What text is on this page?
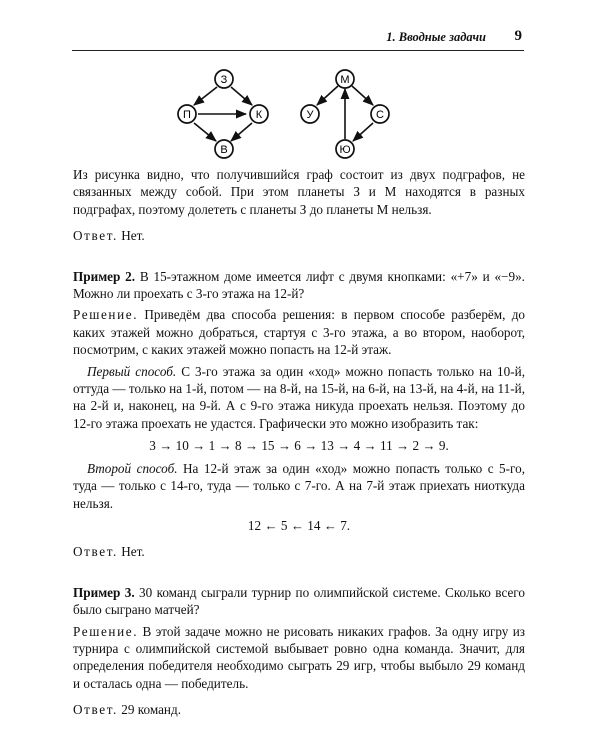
1. Вводные задачи 9
З
П	К
В
М
У	С
Ю

Из рисунка видно, что получившийся граф состоит из двух подграфов, не связанных между собой. При этом планеты З и М находятся в разных подграфах, поэтому долететь с планеты З до планеты М нельзя.

Ответ. Нет.

Пример 2. В 15-этажном доме имеется лифт с двумя кнопками: «+7» и «−9». Можно ли проехать с 3-го этажа на 12-й?

Решение. Приведём два способа решения: в первом способе разберём, до каких этажей можно добраться, стартуя с 3-го этажа, а во втором, наоборот, посмотрим, с каких этажей можно попасть на 12-й этаж.

Первый способ. С 3-го этажа за один «ход» можно попасть только на 10-й, оттуда — только на 1-й, потом — на 8-й, на 15-й, на 6-й, на 13-й, на 4-й, на 11-й, на 2-й и, наконец, на 9-й. А с 9-го этажа никуда проехать нельзя. Поэтому до 12-го этажа проехать не удастся. Графически это можно изобразить так:

3 → 10 → 1 → 8 → 15 → 6 → 13 → 4 → 11 → 2 → 9.

Второй способ. На 12-й этаж за один «ход» можно попасть только с 5-го, туда — только с 14-го, туда — только с 7-го. А на 7-й этаж приехать ниоткуда нельзя.

12 ← 5 ← 14 ← 7.

Ответ. Нет.

Пример 3. 30 команд сыграли турнир по олимпийской системе. Сколько всего было сыграно матчей?

Решение. В этой задаче можно не рисовать никаких графов. За одну игру из турнира с олимпийской системой выбывает ровно одна команда. Значит, для определения победителя необходимо сыграть 29 игр, чтобы выбыло 29 команд и осталась одна — победитель.

Ответ. 29 команд.
